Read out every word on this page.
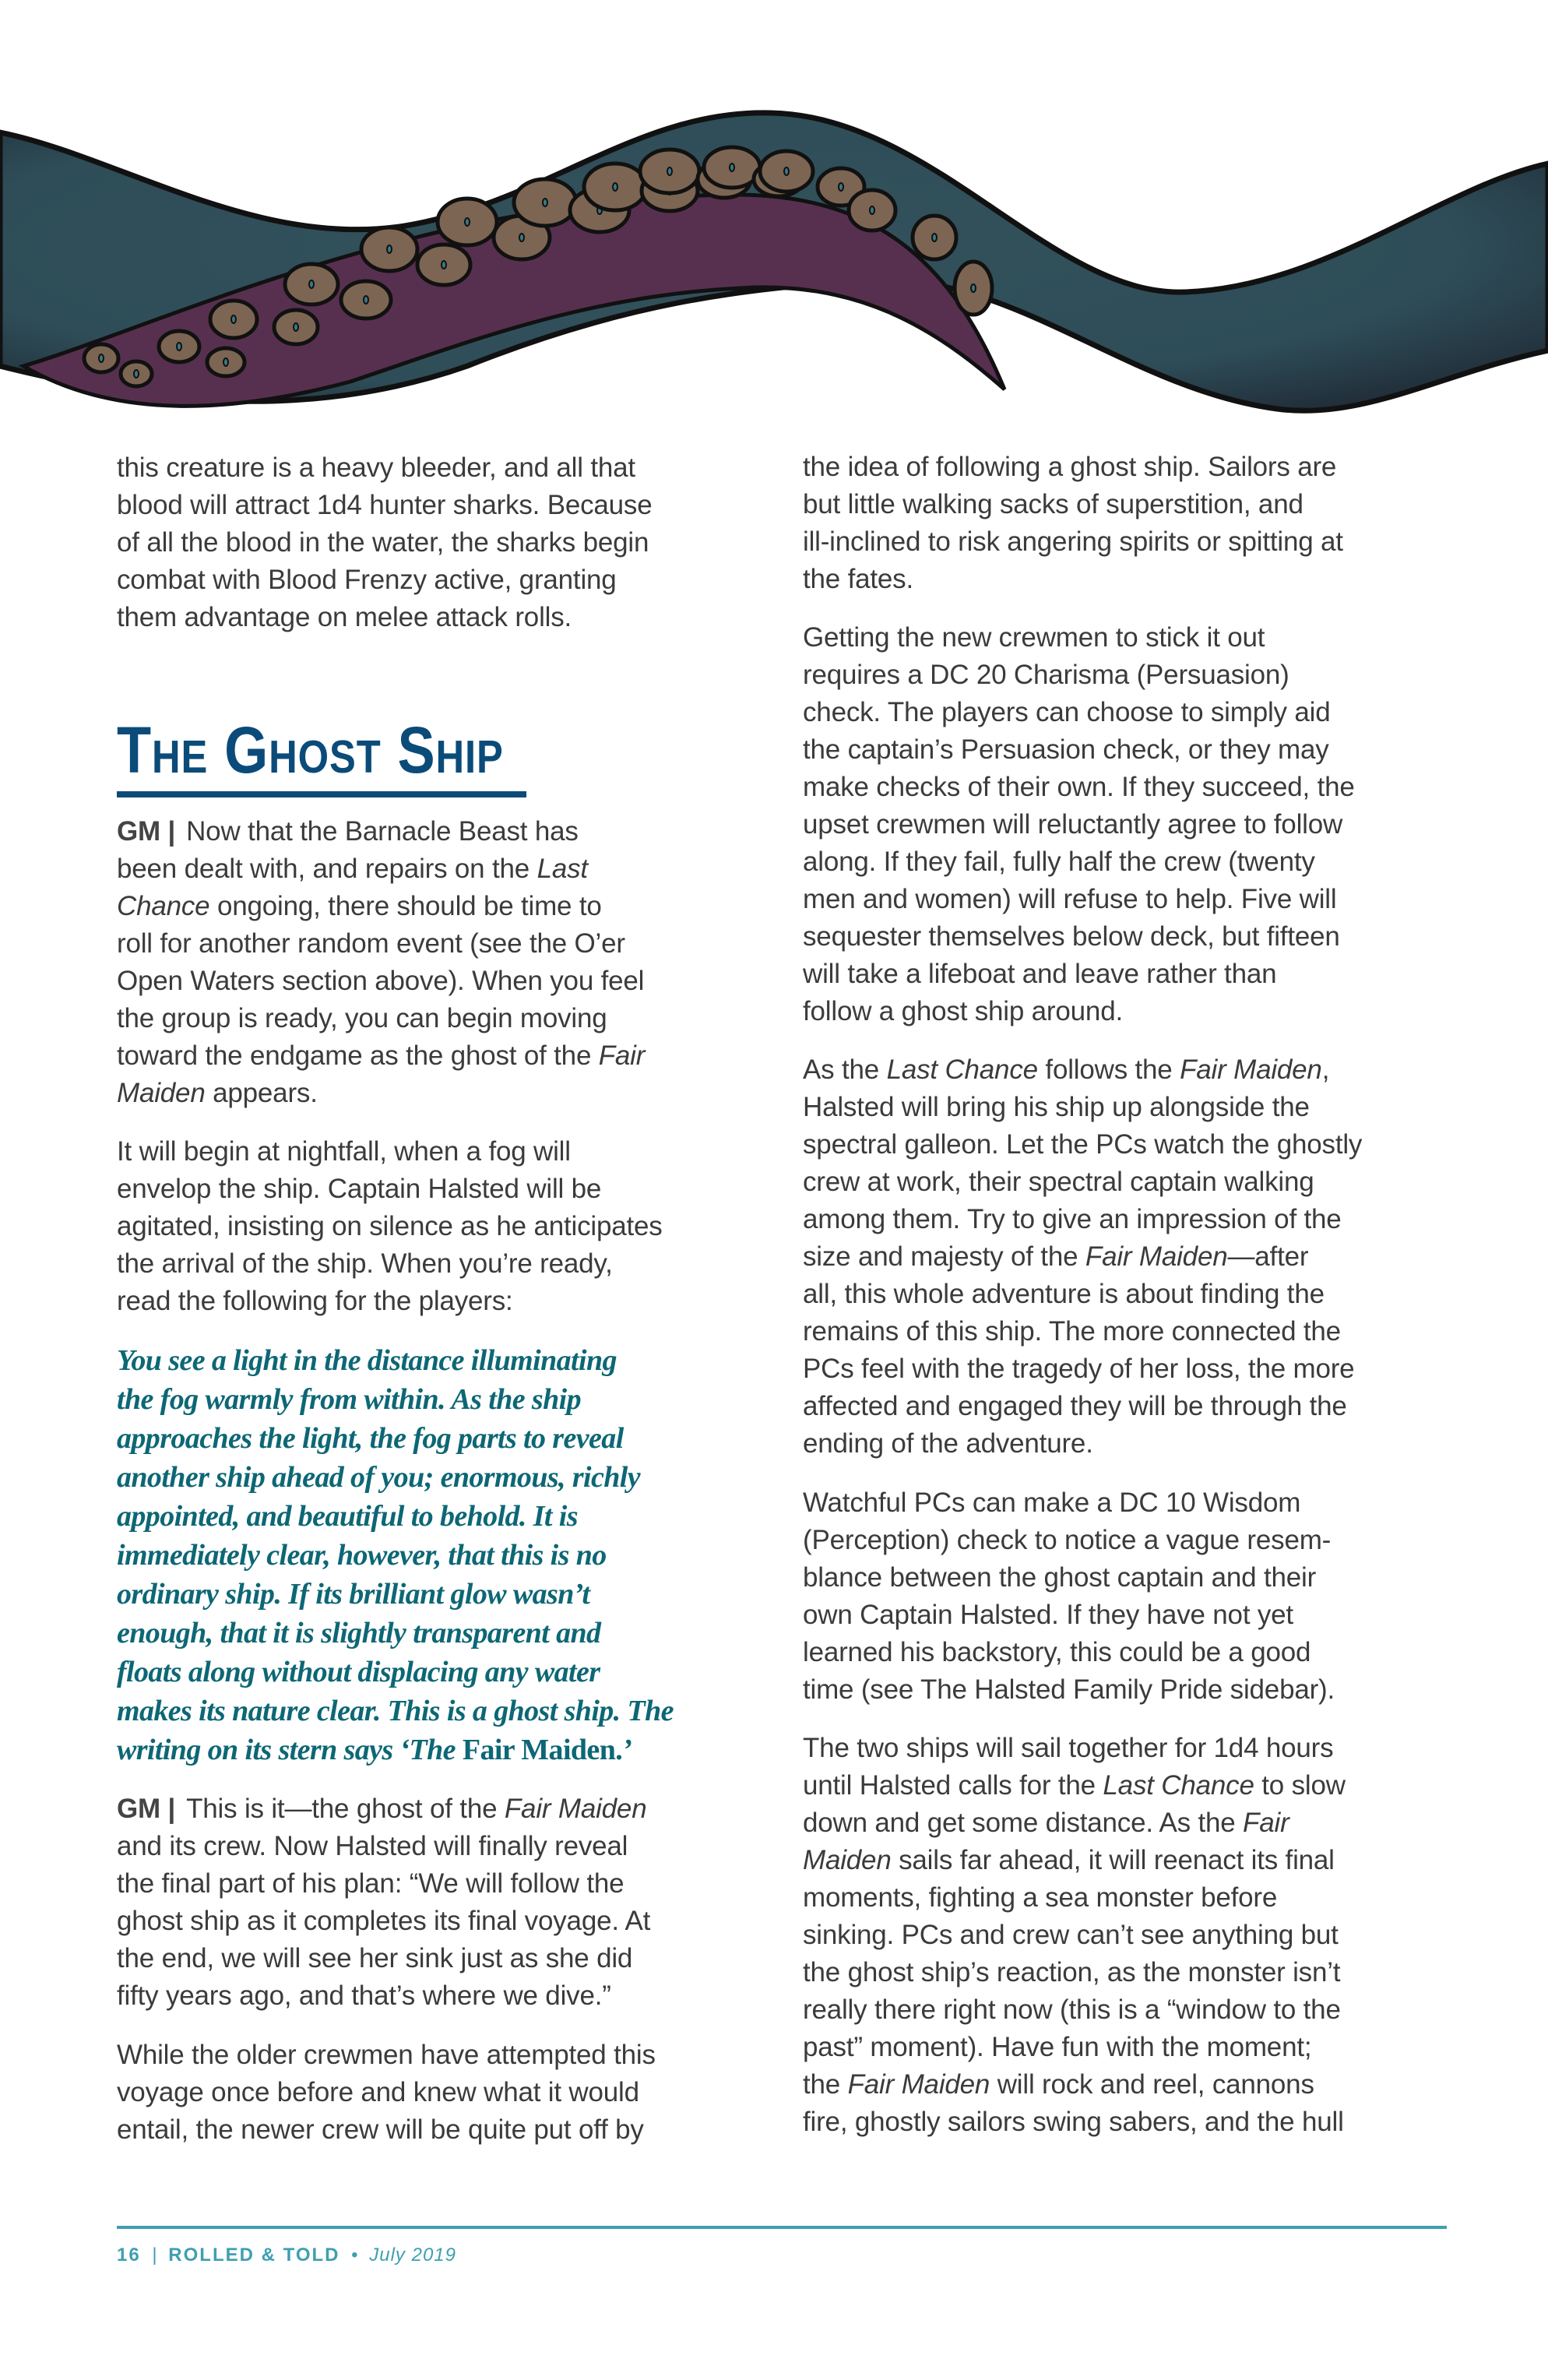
this creature is a heavy bleeder, and all that
blood will attract 1d4 hunter sharks. Because
of all the blood in the water, the sharks begin
combat with Blood Frenzy active, granting
them advantage on melee attack rolls.
The Ghost Ship
GM | Now that the Barnacle Beast has
been dealt with, and repairs on the Last
Chance ongoing, there should be time to
roll for another random event (see the O’er
Open Waters section above). When you feel
the group is ready, you can begin moving
toward the endgame as the ghost of the Fair
Maiden appears.
It will begin at nightfall, when a fog will
envelop the ship. Captain Halsted will be
agitated, insisting on silence as he anticipates
the arrival of the ship. When you’re ready,
read the following for the players:
You see a light in the distance illuminating
the fog warmly from within. As the ship
approaches the light, the fog parts to reveal
another ship ahead of you; enormous, richly
appointed, and beautiful to behold. It is
immediately clear, however, that this is no
ordinary ship. If its brilliant glow wasn’t
enough, that it is slightly transparent and
floats along without displacing any water
makes its nature clear. This is a ghost ship. The
writing on its stern says ‘The Fair Maiden.’
GM | This is it—the ghost of the Fair Maiden
and its crew. Now Halsted will finally reveal
the final part of his plan: “We will follow the
ghost ship as it completes its final voyage. At
the end, we will see her sink just as she did
fifty years ago, and that’s where we dive.”
While the older crewmen have attempted this
voyage once before and knew what it would
entail, the newer crew will be quite put off by
the idea of following a ghost ship. Sailors are
but little walking sacks of superstition, and
ill-inclined to risk angering spirits or spitting at
the fates.
Getting the new crewmen to stick it out
requires a DC 20 Charisma (Persuasion)
check. The players can choose to simply aid
the captain’s Persuasion check, or they may
make checks of their own. If they succeed, the
upset crewmen will reluctantly agree to follow
along. If they fail, fully half the crew (twenty
men and women) will refuse to help. Five will
sequester themselves below deck, but fifteen
will take a lifeboat and leave rather than
follow a ghost ship around.
As the Last Chance follows the Fair Maiden,
Halsted will bring his ship up alongside the
spectral galleon. Let the PCs watch the ghostly
crew at work, their spectral captain walking
among them. Try to give an impression of the
size and majesty of the Fair Maiden—after
all, this whole adventure is about finding the
remains of this ship. The more connected the
PCs feel with the tragedy of her loss, the more
affected and engaged they will be through the
ending of the adventure.
Watchful PCs can make a DC 10 Wisdom
(Perception) check to notice a vague resem-
blance between the ghost captain and their
own Captain Halsted. If they have not yet
learned his backstory, this could be a good
time (see The Halsted Family Pride sidebar).
The two ships will sail together for 1d4 hours
until Halsted calls for the Last Chance to slow
down and get some distance. As the Fair
Maiden sails far ahead, it will reenact its final
moments, fighting a sea monster before
sinking. PCs and crew can’t see anything but
the ghost ship’s reaction, as the monster isn’t
really there right now (this is a “window to the
past” moment). Have fun with the moment;
the Fair Maiden will rock and reel, cannons
fire, ghostly sailors swing sabers, and the hull
16 | ROLLED & TOLD • July 2019
